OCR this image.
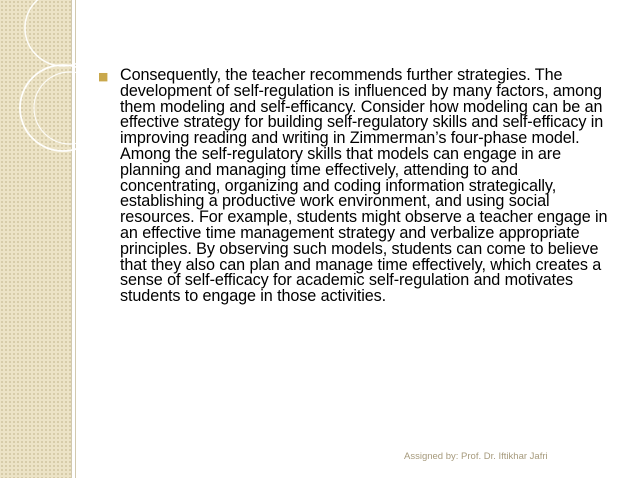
■ Consequently, the teacher recommends further strategies. The development of self-regulation is influenced by many factors, among them modeling and self-efficancy. Consider how modeling can be an effective strategy for building self-regulatory skills and self-efficacy in improving reading and writing in Zimmerman’s four-phase model. Among the self-regulatory skills that models can engage in are planning and managing time effectively, attending to and concentrating, organizing and coding information strategically, establishing a productive work environment, and using social resources. For example, students might observe a teacher engage in an effective time management strategy and verbalize appropriate principles. By observing such models, students can come to believe that they also can plan and manage time effectively, which creates a sense of self-efficacy for academic self-regulation and motivates students to engage in those activities.

Assigned by: Prof. Dr. Iftikhar Jafri
